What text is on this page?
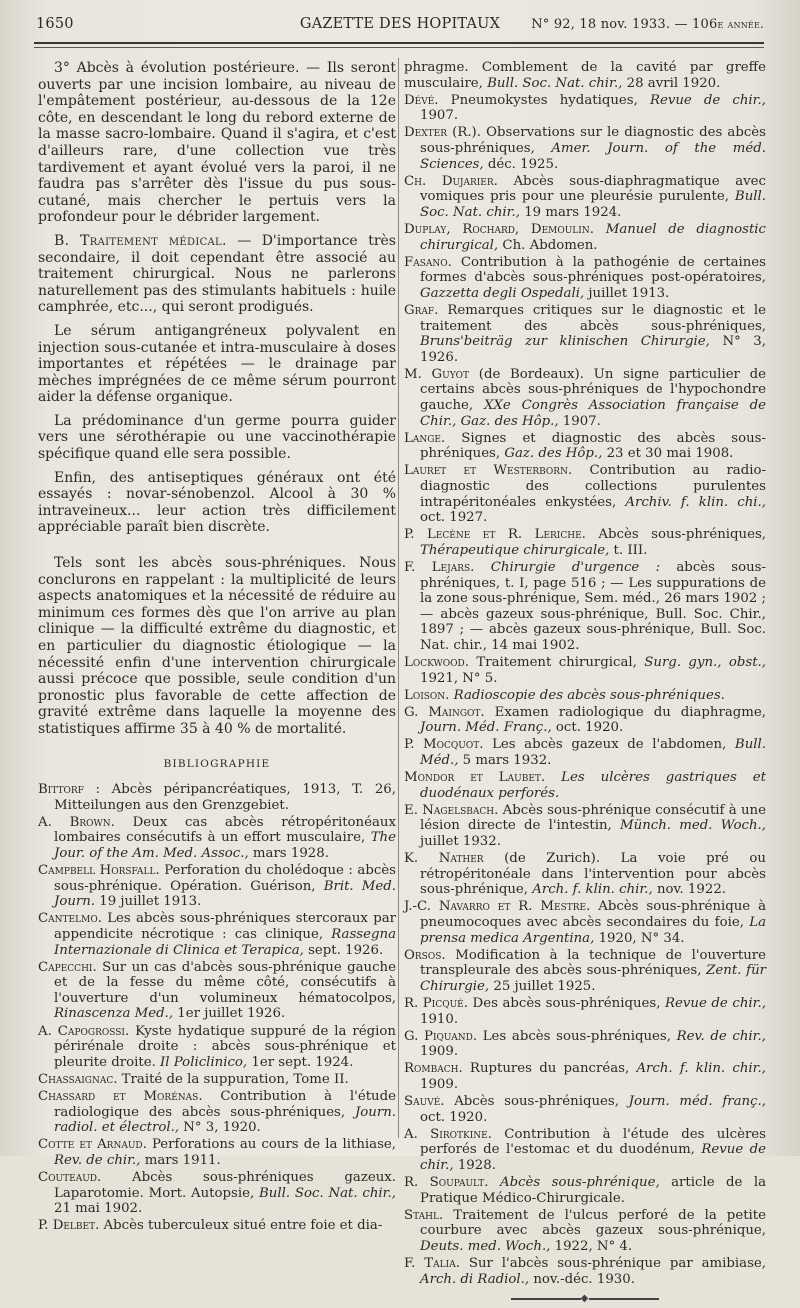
1650	GAZETTE DES HOPITAUX	N° 92, 18 nov. 1933. — 106e année.

3° Abcès à évolution postérieure. — Ils seront ouverts par une incision lombaire, au niveau de l'empâtement postérieur, au-dessous de la 12e côte, en descendant le long du rebord externe de la masse sacro-lombaire. Quand il s'agira, et c'est d'ailleurs rare, d'une collection vue très tardivement et ayant évolué vers la paroi, il ne faudra pas s'arrêter dès l'issue du pus sous-cutané, mais chercher le pertuis vers la profondeur pour le débrider largement.

B. Traitement médical. — D'importance très secondaire, il doit cependant être associé au traitement chirurgical. Nous ne parlerons naturellement pas des stimulants habituels : huile camphrée, etc..., qui seront prodigués.

Le sérum antigangréneux polyvalent en injection sous-cutanée et intra-musculaire à doses importantes et répétées — le drainage par mèches imprégnées de ce même sérum pourront aider la défense organique.

La prédominance d'un germe pourra guider vers une sérothérapie ou une vaccinothérapie spécifique quand elle sera possible.

Enfin, des antiseptiques généraux ont été essayés : novar-sénobenzol. Alcool à 30 % intraveineux... leur action très difficilement appréciable paraît bien discrète.

Tels sont les abcès sous-phréniques. Nous conclurons en rappelant : la multiplicité de leurs aspects anatomiques et la nécessité de réduire au minimum ces formes dès que l'on arrive au plan clinique — la difficulté extrême du diagnostic, et en particulier du diagnostic étiologique — la nécessité enfin d'une intervention chirurgicale aussi précoce que possible, seule condition d'un pronostic plus favorable de cette affection de gravité extrême dans laquelle la moyenne des statistiques affirme 35 à 40 % de mortalité.

BIBLIOGRAPHIE
Bittorf : Abcès péripancréatiques, 1913, T. 26, Mitteilungen aus den Grenzgebiet.
A. Brown. Deux cas abcès rétropéritonéaux lombaires consécutifs à un effort musculaire, The Jour. of the Am. Med. Assoc., mars 1928.
Campbell Horsfall. Perforation du cholédoque : abcès sous-phrénique. Opération. Guérison, Brit. Med. Journ. 19 juillet 1913.
Cantelmo. Les abcès sous-phréniques stercoraux par appendicite nécrotique : cas clinique, Rassegna Internazionale di Clinica et Terapica, sept. 1926.
Capecchi. Sur un cas d'abcès sous-phrénique gauche et de la fesse du même côté, consécutifs à l'ouverture d'un volumineux hématocolpos, Rinascenza Med., 1er juillet 1926.
A. Capogrossi. Kyste hydatique suppuré de la région périrénale droite : abcès sous-phrénique et pleurite droite. Il Policlinico, 1er sept. 1924.
Chassaignac. Traité de la suppuration, Tome II.
Chassard et Morénas. Contribution à l'étude radiologique des abcès sous-phréniques, Journ. radiol. et électrol., N° 3, 1920.
Cotte et Arnaud. Perforations au cours de la lithiase, Rev. de chir., mars 1911.
Couteaud. Abcès sous-phréniques gazeux. Laparotomie. Mort. Autopsie, Bull. Soc. Nat. chir., 21 mai 1902.
P. Delbet. Abcès tuberculeux situé entre foie et dia-
phragme. Comblement de la cavité par greffe musculaire, Bull. Soc. Nat. chir., 28 avril 1920.
Dévé. Pneumokystes hydatiques, Revue de chir., 1907.
Dexter (R.). Observations sur le diagnostic des abcès sous-phréniques, Amer. Journ. of the méd. Sciences, déc. 1925.
Ch. Dujarier. Abcès sous-diaphragmatique avec vomiques pris pour une pleurésie purulente, Bull. Soc. Nat. chir., 19 mars 1924.
Duplay, Rochard, Demoulin. Manuel de diagnostic chirurgical, Ch. Abdomen.
Fasano. Contribution à la pathogénie de certaines formes d'abcès sous-phréniques post-opératoires, Gazzetta degli Ospedali, juillet 1913.
Graf. Remarques critiques sur le diagnostic et le traitement des abcès sous-phréniques, Bruns'beiträg zur klinischen Chirurgie, N° 3, 1926.
M. Guyot (de Bordeaux). Un signe particulier de certains abcès sous-phréniques de l'hypochondre gauche, XXe Congrès Association française de Chir., Gaz. des Hôp., 1907.
Lange. Signes et diagnostic des abcès sous-phréniques, Gaz. des Hôp., 23 et 30 mai 1908.
Lauret et Westerborn. Contribution au radio-diagnostic des collections purulentes intrapéritonéales enkystées, Archiv. f. klin. chi., oct. 1927.
P. Lecène et R. Leriche. Abcès sous-phréniques, Thérapeutique chirurgicale, t. III.
F. Lejars. Chirurgie d'urgence : abcès sous-phréniques, t. I, page 516 ; — Les suppurations de la zone sous-phrénique, Sem. méd., 26 mars 1902 ; — abcès gazeux sous-phrénique, Bull. Soc. Chir., 1897 ; — abcès gazeux sous-phrénique, Bull. Soc. Nat. chir., 14 mai 1902.
Lockwood. Traitement chirurgical, Surg. gyn., obst., 1921, N° 5.
Loison. Radioscopie des abcès sous-phréniques.
G. Maingot. Examen radiologique du diaphragme, Journ. Méd. Franç., oct. 1920.
P. Mocquot. Les abcès gazeux de l'abdomen, Bull. Méd., 5 mars 1932.
Mondor et Laubet. Les ulcères gastriques et duodénaux perforés.
E. Nagelsbach. Abcès sous-phrénique consécutif à une lésion directe de l'intestin, Münch. med. Woch., juillet 1932.
K. Nather (de Zurich). La voie pré ou rétropéritonéale dans l'intervention pour abcès sous-phrénique, Arch. f. klin. chir., nov. 1922.
J.-C. Navarro et R. Mestre. Abcès sous-phrénique à pneumocoques avec abcès secondaires du foie, La prensa medica Argentina, 1920, N° 34.
Orsos. Modification à la technique de l'ouverture transpleurale des abcès sous-phréniques, Zent. für Chirurgie, 25 juillet 1925.
R. Picqué. Des abcès sous-phréniques, Revue de chir., 1910.
G. Piquand. Les abcès sous-phréniques, Rev. de chir., 1909.
Rombach. Ruptures du pancréas, Arch. f. klin. chir., 1909.
Sauvé. Abcès sous-phréniques, Journ. méd. franç., oct. 1920.
A. Sirotkine. Contribution à l'étude des ulcères perforés de l'estomac et du duodénum, Revue de chir., 1928.
R. Soupault. Abcès sous-phrénique, article de la Pratique Médico-Chirurgicale.
Stahl. Traitement de l'ulcus perforé de la petite courbure avec abcès gazeux sous-phrénique, Deuts. med. Woch., 1922, N° 4.
F. Talia. Sur l'abcès sous-phrénique par amibiase, Arch. di Radiol., nov.-déc. 1930.
◆
